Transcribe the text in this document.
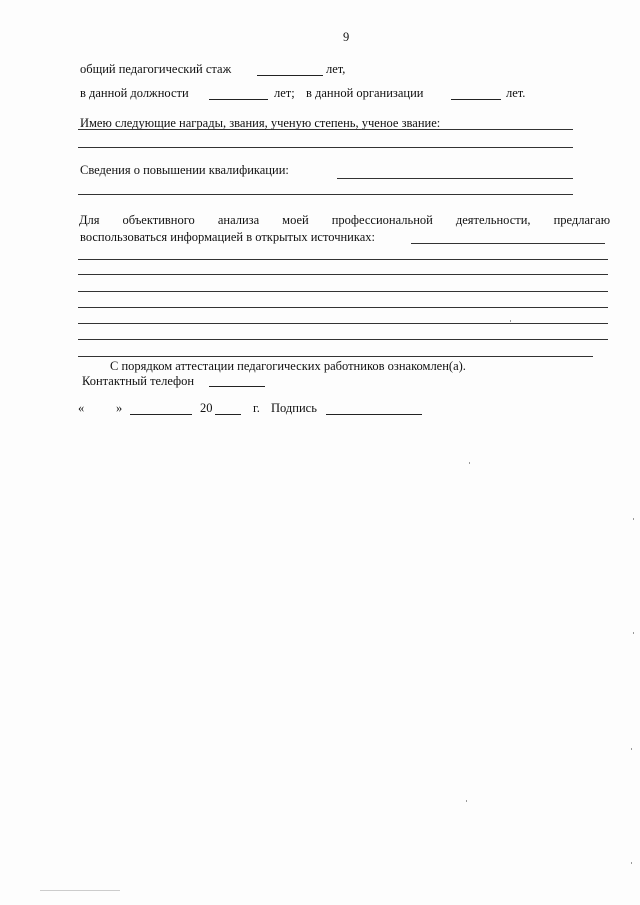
9
общий педагогический стаж	лет,
в данной должности	лет; в данной организации	лет.
Имею следующие награды, звания, ученую степень, ученое звание:
Сведения о повышении квалификации:
Для объективного анализа моей профессиональной деятельности, предлагаю
воспользоваться информацией в открытых источниках:
С порядком аттестации педагогических работников ознакомлен(а).
Контактный телефон
«	»	20	г. Подпись
